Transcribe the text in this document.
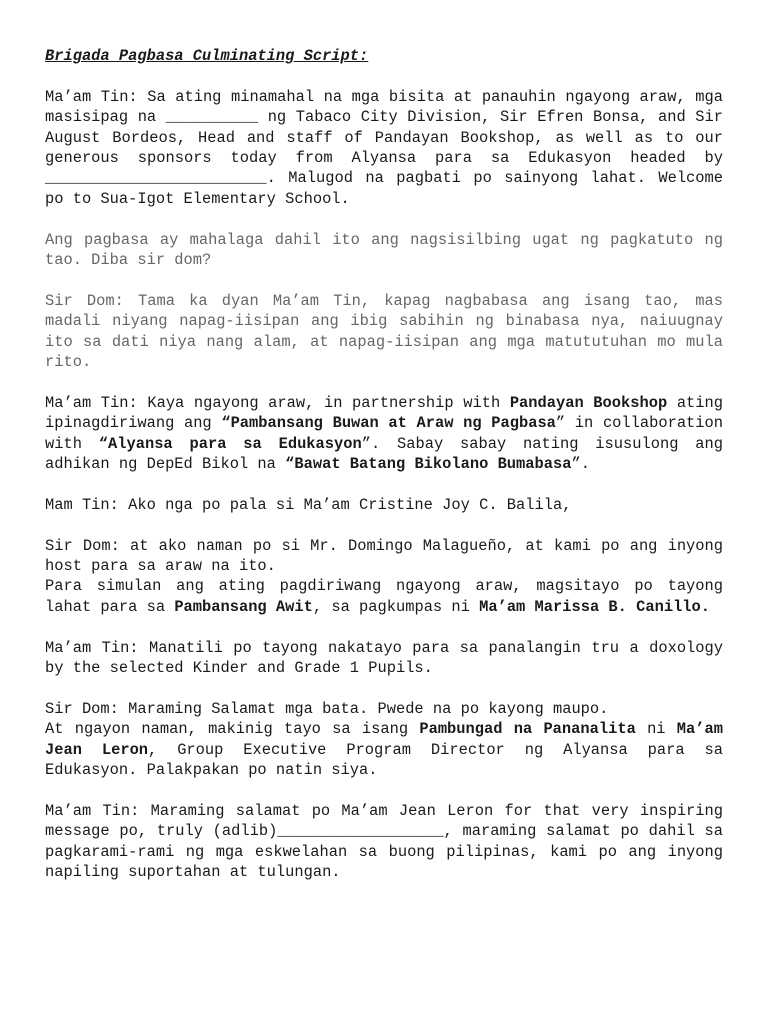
Brigada Pagbasa Culminating Script:

Ma’am Tin: Sa ating minamahal na mga bisita at panauhin ngayong araw, mga masisipag na __________ ng Tabaco City Division, Sir Efren Bonsa, and Sir August Bordeos, Head and staff of Pandayan Bookshop, as well as to our generous sponsors today from Alyansa para sa Edukasyon headed by ________________________. Malugod na pagbati po sainyong lahat. Welcome po to Sua-Igot Elementary School.

Ang pagbasa ay mahalaga dahil ito ang nagsisilbing ugat ng pagkatuto ng tao. Diba sir dom?

Sir Dom: Tama ka dyan Ma’am Tin, kapag nagbabasa ang isang tao, mas madali niyang napag-iisipan ang ibig sabihin ng binabasa nya, naiuugnay ito sa dati niya nang alam, at napag-iisipan ang mga matututuhan mo mula rito.

Ma’am Tin: Kaya ngayong araw, in partnership with Pandayan Bookshop ating ipinagdiriwang ang “Pambansang Buwan at Araw ng Pagbasa” in collaboration with “Alyansa para sa Edukasyon”. Sabay sabay nating isusulong ang adhikan ng DepEd Bikol na “Bawat Batang Bikolano Bumabasa”.

Mam Tin: Ako nga po pala si Ma’am Cristine Joy C. Balila,

Sir Dom: at ako naman po si Mr. Domingo Malagueño, at kami po ang inyong host para sa araw na ito.

Para simulan ang ating pagdiriwang ngayong araw, magsitayo po tayong lahat para sa Pambansang Awit, sa pagkumpas ni Ma’am Marissa B. Canillo.

Ma’am Tin: Manatili po tayong nakatayo para sa panalangin tru a doxology by the selected Kinder and Grade 1 Pupils.

Sir Dom: Maraming Salamat mga bata. Pwede na po kayong maupo.

At ngayon naman, makinig tayo sa isang Pambungad na Pananalita ni Ma’am Jean Leron, Group Executive Program Director ng Alyansa para sa Edukasyon. Palakpakan po natin siya.

Ma’am Tin: Maraming salamat po Ma’am Jean Leron for that very inspiring message po, truly (adlib)__________________, maraming salamat po dahil sa pagkarami-rami ng mga eskwelahan sa buong pilipinas, kami po ang inyong napiling suportahan at tulungan.
